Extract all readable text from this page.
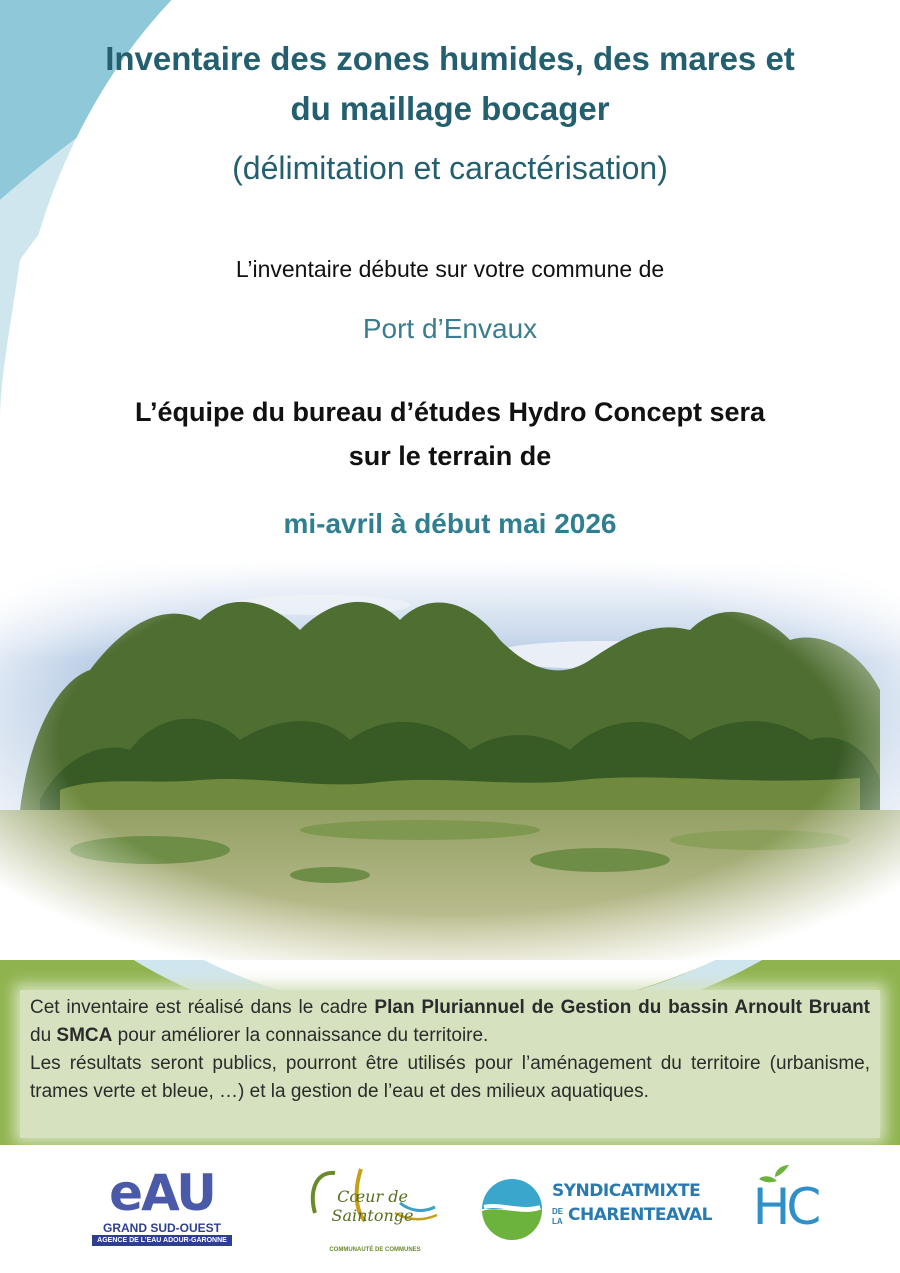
Inventaire des zones humides, des mares et
du maillage bocager
(délimitation et caractérisation)
L’inventaire débute sur votre commune de
Port d’Envaux
L’équipe du bureau d’études Hydro Concept sera
sur le terrain de
mi-avril à début mai 2026

Cet inventaire est réalisé dans le cadre Plan Pluriannuel de Gestion du bassin Arnoult Bruant du SMCA pour améliorer la connaissance du territoire.

Les résultats seront publics, pourront être utilisés pour l’aménagement du territoire (urbanisme, trames verte et bleue, …) et la gestion de l’eau et des milieux aquatiques.

eAU
GRAND SUD-OUEST
AGENCE DE L’EAU ADOUR-GARONNE
Cœur de Saintonge
COMMUNAUTÉ DE COMMUNES
SYNDICATMIXTE
DE
LA CHARENTEAVAL HC
